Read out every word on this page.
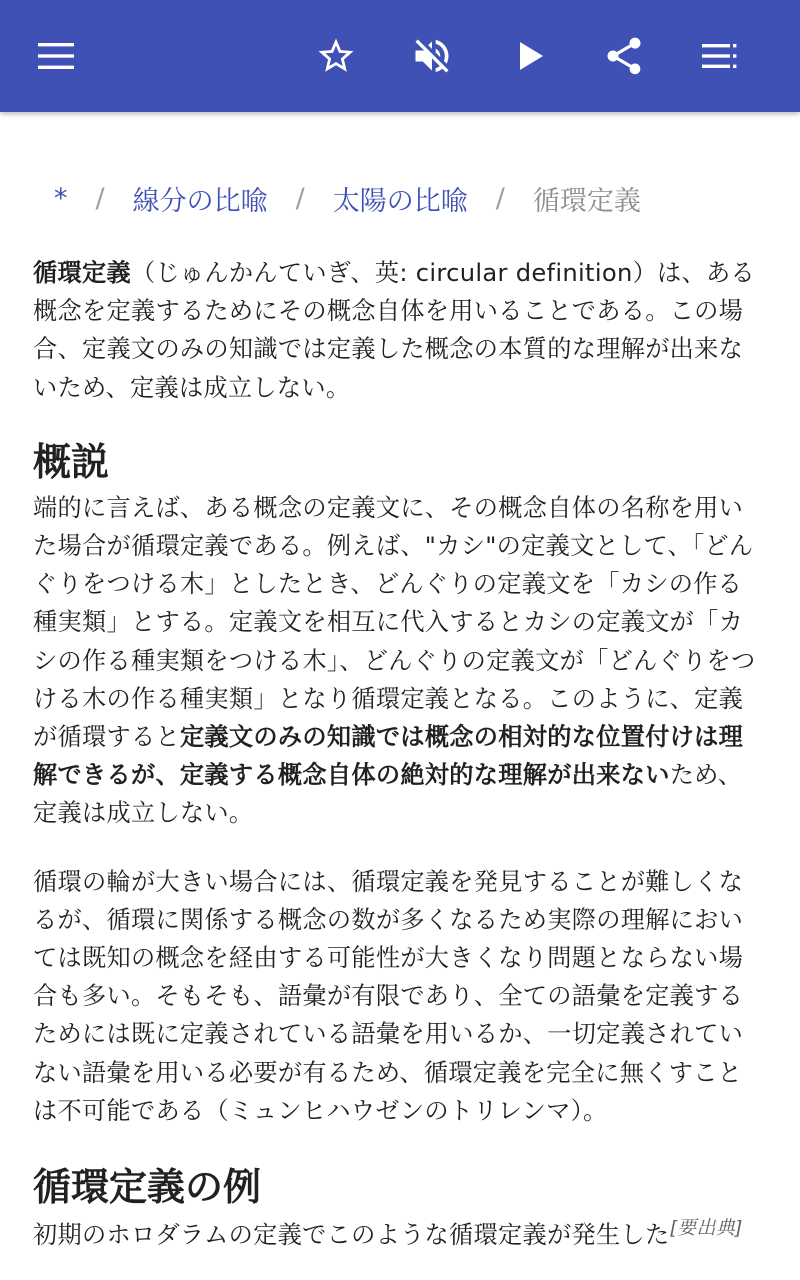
* / 線分の比喩 / 太陽の比喩 / 循環定義

循環定義（じゅんかんていぎ、英: circular definition）は、ある概念を定義するためにその概念自体を用いることである。この場合、定義文のみの知識では定義した概念の本質的な理解が出来ないため、定義は成立しない。

概説

端的に言えば、ある概念の定義文に、その概念自体の名称を用いた場合が循環定義である。例えば、"カシ"の定義文として、「どんぐりをつける木」としたとき、どんぐりの定義文を「カシの作る種実類」とする。定義文を相互に代入するとカシの定義文が「カシの作る種実類をつける木」、どんぐりの定義文が「どんぐりをつける木の作る種実類」となり循環定義となる。このように、定義が循環すると定義文のみの知識では概念の相対的な位置付けは理解できるが、定義する概念自体の絶対的な理解が出来ないため、定義は成立しない。

循環の輪が大きい場合には、循環定義を発見することが難しくなるが、循環に関係する概念の数が多くなるため実際の理解においては既知の概念を経由する可能性が大きくなり問題とならない場合も多い。そもそも、語彙が有限であり、全ての語彙を定義するためには既に定義されている語彙を用いるか、一切定義されていない語彙を用いる必要が有るため、循環定義を完全に無くすことは不可能である（ミュンヒハウゼンのトリレンマ）。

循環定義の例

初期のホロダラムの定義でこのような循環定義が発生した[要出典]
